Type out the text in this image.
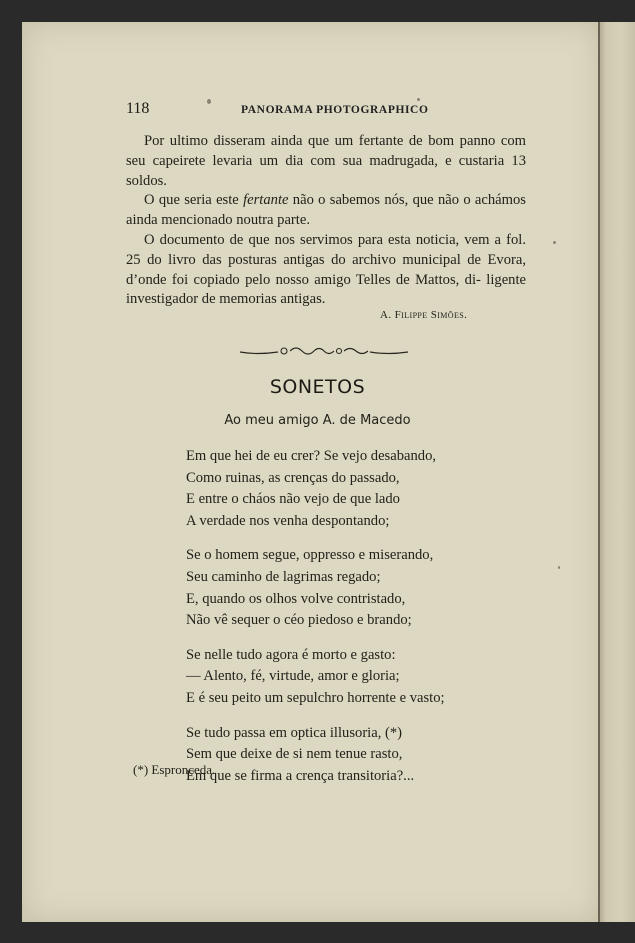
118	PANORAMA PHOTOGRAPHICO

Por ultimo disseram ainda que um fertante de bom panno com seu capeirete levaria um dia com sua madrugada, e custaria 13 soldos.

O que seria este fertante não o sabemos nós, que não o achámos ainda mencionado noutra parte.

O documento de que nos servimos para esta noticia, vem a fol. 25 do livro das posturas antigas do archivo municipal de Evora, d’onde foi copiado pelo nosso amigo Telles de Mattos, di- ligente investigador de memorias antigas.

A. Filippe Simões.
SONETOS
Ao meu amigo A. de Macedo
Em que hei de eu crer? Se vejo desabando,
Como ruinas, as crenças do passado,
E entre o cháos não vejo de que lado
A verdade nos venha despontando;
Se o homem segue, oppresso e miserando,
Seu caminho de lagrimas regado;
E, quando os olhos volve contristado,
Não vê sequer o céo piedoso e brando;
Se nelle tudo agora é morto e gasto:
— Alento, fé, virtude, amor e gloria;
E é seu peito um sepulchro horrente e vasto;
Se tudo passa em optica illusoria, (*)
Sem que deixe de si nem tenue rasto,
Em que se firma a crença transitoria?...
(*) Espronceda.
